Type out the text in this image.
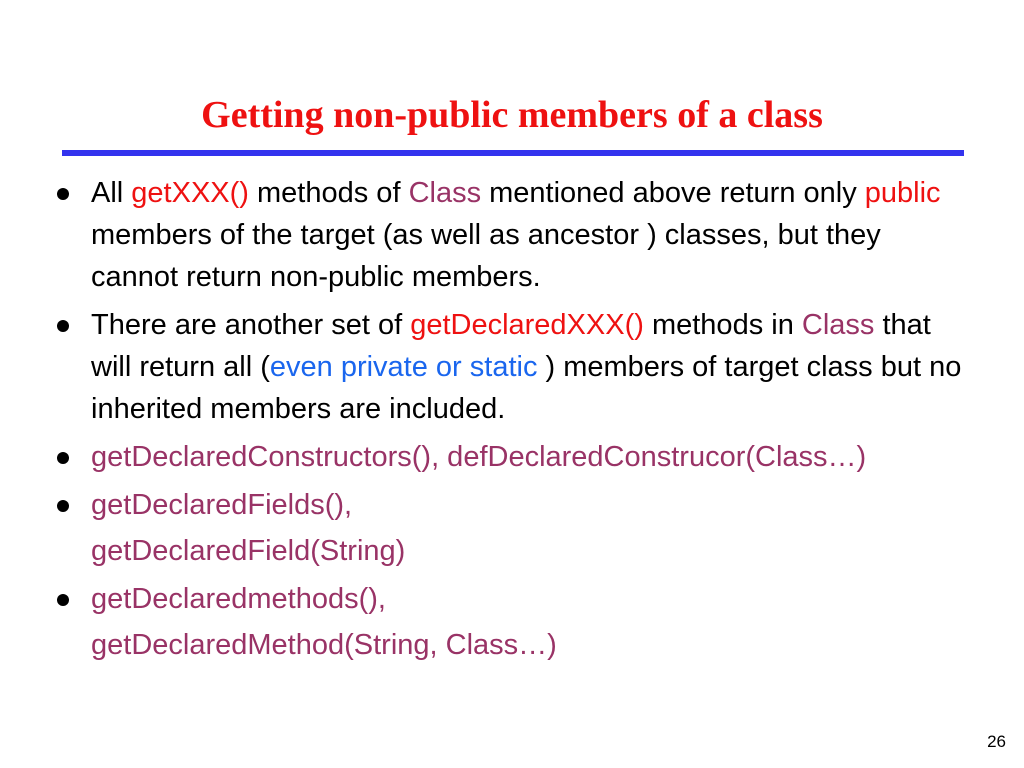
Getting non-public members of a class
All getXXX() methods of Class mentioned above return only public members of the target (as well as ancestor ) classes, but they cannot return non-public members.
There are another set of getDeclaredXXX() methods in Class that will return all (even private or static ) members of target class but no inherited members are included.
getDeclaredConstructors(), defDeclaredConstrucor(Class…)
getDeclaredFields(),
getDeclaredField(String)
getDeclaredmethods(),
getDeclaredMethod(String, Class…)
26
